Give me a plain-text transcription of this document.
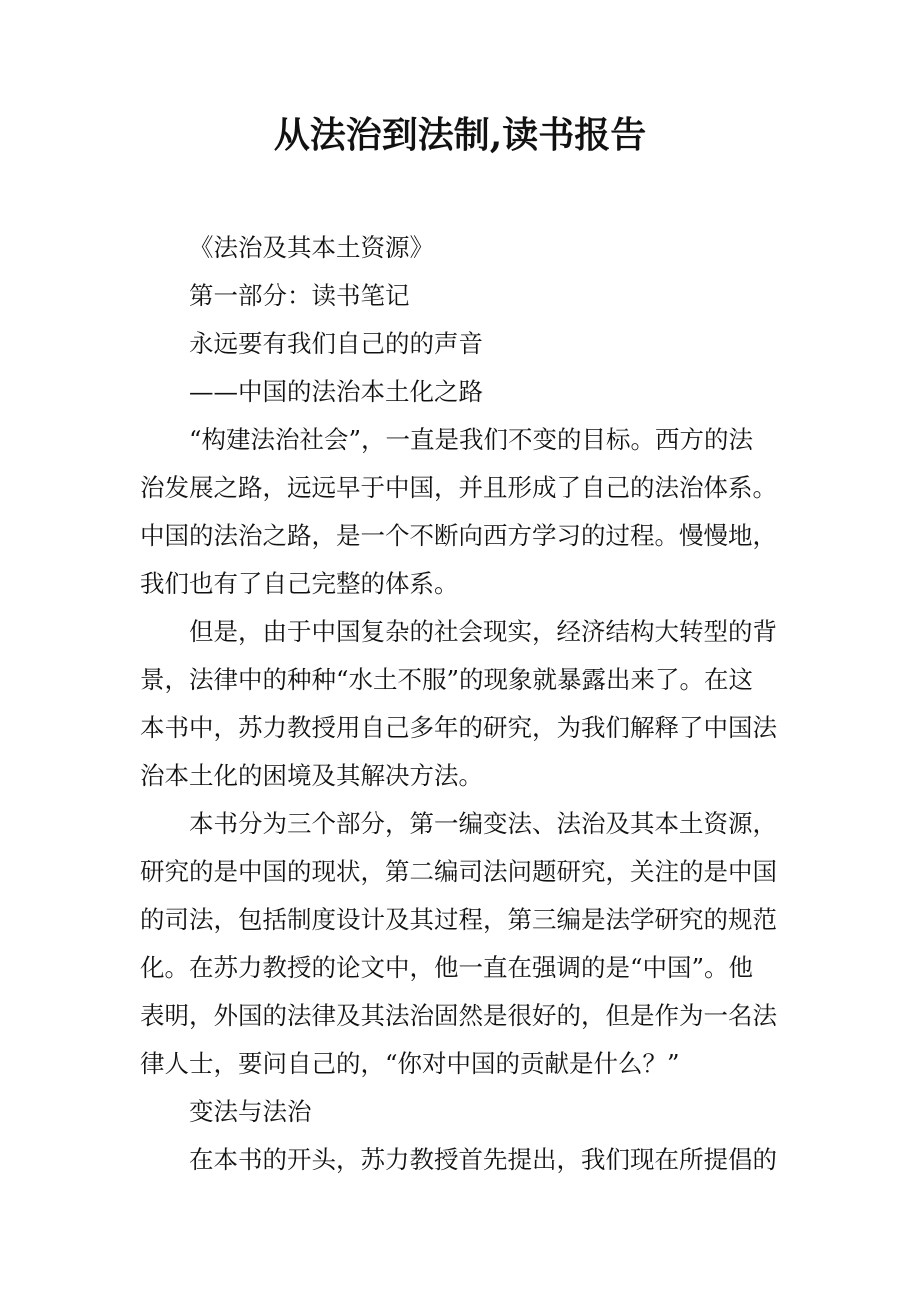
从法治到法制,读书报告
《法治及其本土资源》
第一部分：读书笔记
永远要有我们自己的的声音
——中国的法治本土化之路
“构建法治社会”，一直是我们不变的目标。西方的法
治发展之路，远远早于中国，并且形成了自己的法治体系。
中国的法治之路，是一个不断向西方学习的过程。慢慢地，
我们也有了自己完整的体系。
但是，由于中国复杂的社会现实，经济结构大转型的背
景，法律中的种种“水土不服”的现象就暴露出来了。在这
本书中，苏力教授用自己多年的研究，为我们解释了中国法
治本土化的困境及其解决方法。
本书分为三个部分，第一编变法、法治及其本土资源，
研究的是中国的现状，第二编司法问题研究，关注的是中国
的司法，包括制度设计及其过程，第三编是法学研究的规范
化。在苏力教授的论文中，他一直在强调的是“中国”。他
表明，外国的法律及其法治固然是很好的，但是作为一名法
律人士，要问自己的，“你对中国的贡献是什么？”
变法与法治
在本书的开头，苏力教授首先提出，我们现在所提倡的
